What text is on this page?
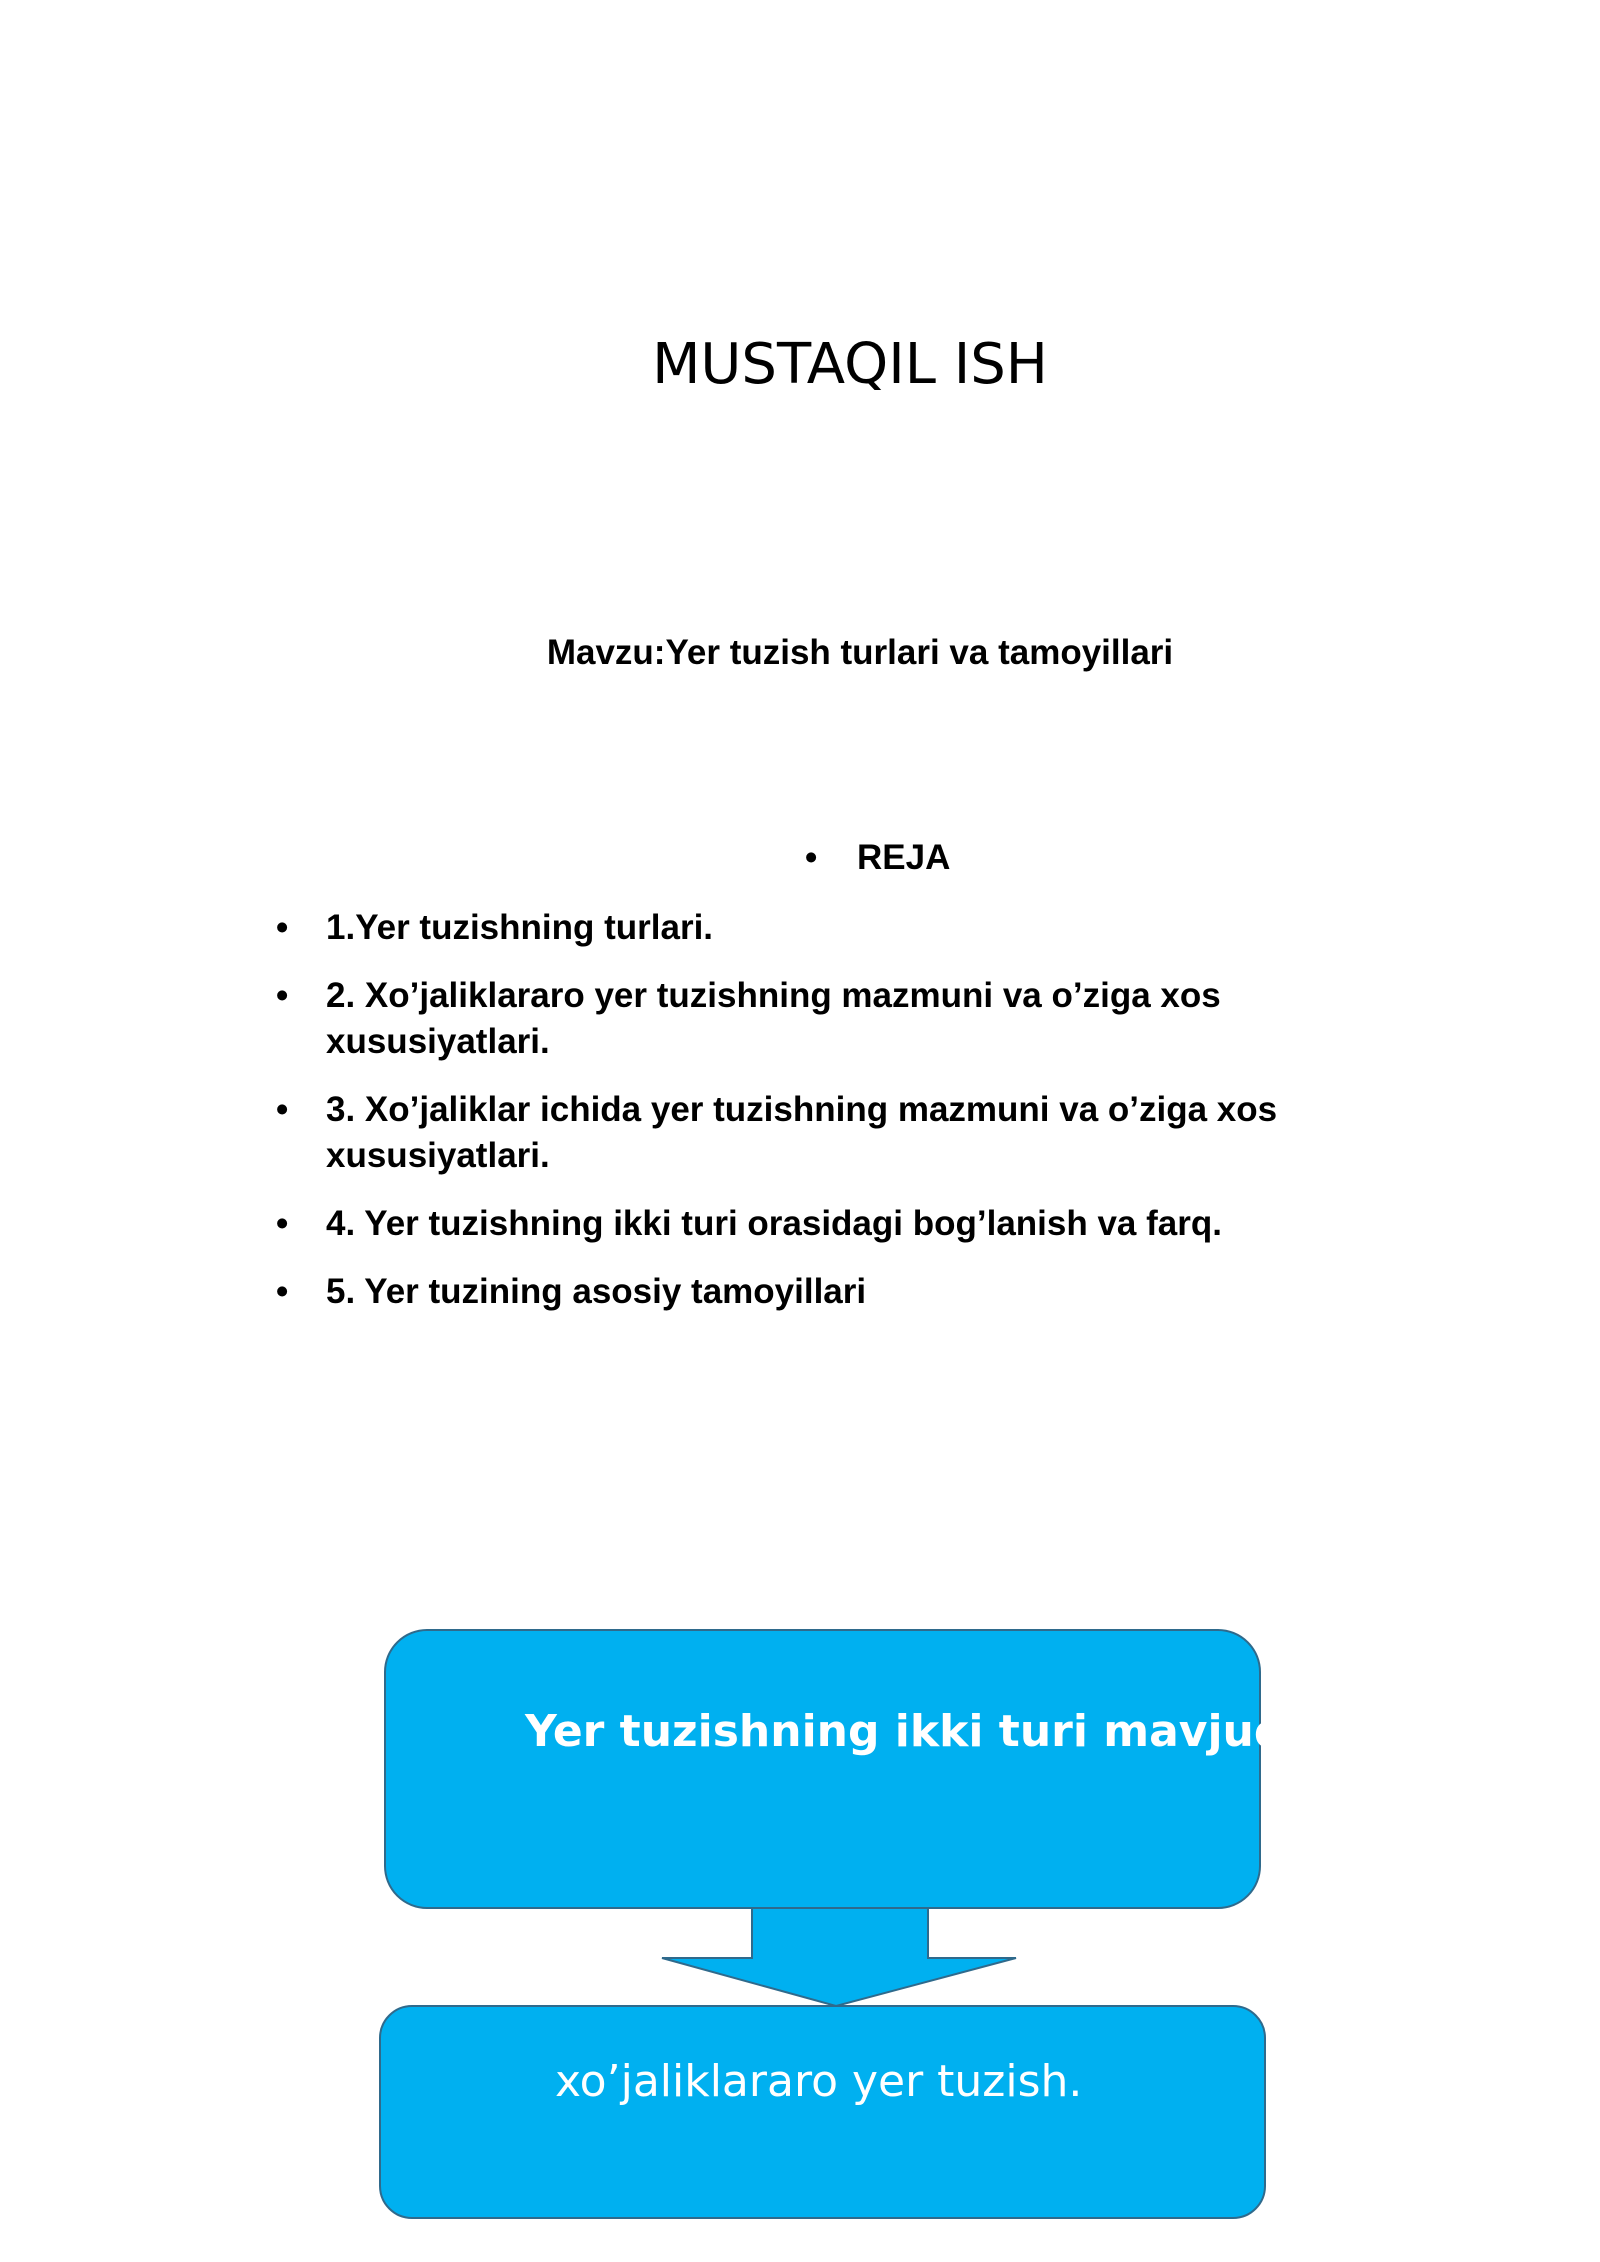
MUSTAQIL ISH

Mavzu:Yer tuzish turlari va tamoyillari

• REJA

• 1.Yer tuzishning turlari.
• 2. Xo’jaliklararo yer tuzishning mazmuni va o’ziga xos xususiyatlari.
• 3. Xo’jaliklar ichida yer tuzishning mazmuni va o’ziga xos xususiyatlari.
• 4. Yer tuzishning ikki turi orasidagi bog’lanish va farq.
• 5. Yer tuzining asosiy tamoyillari
Yer tuzishning ikki turi mavjud:
xo’jaliklararo yer tuzish.
